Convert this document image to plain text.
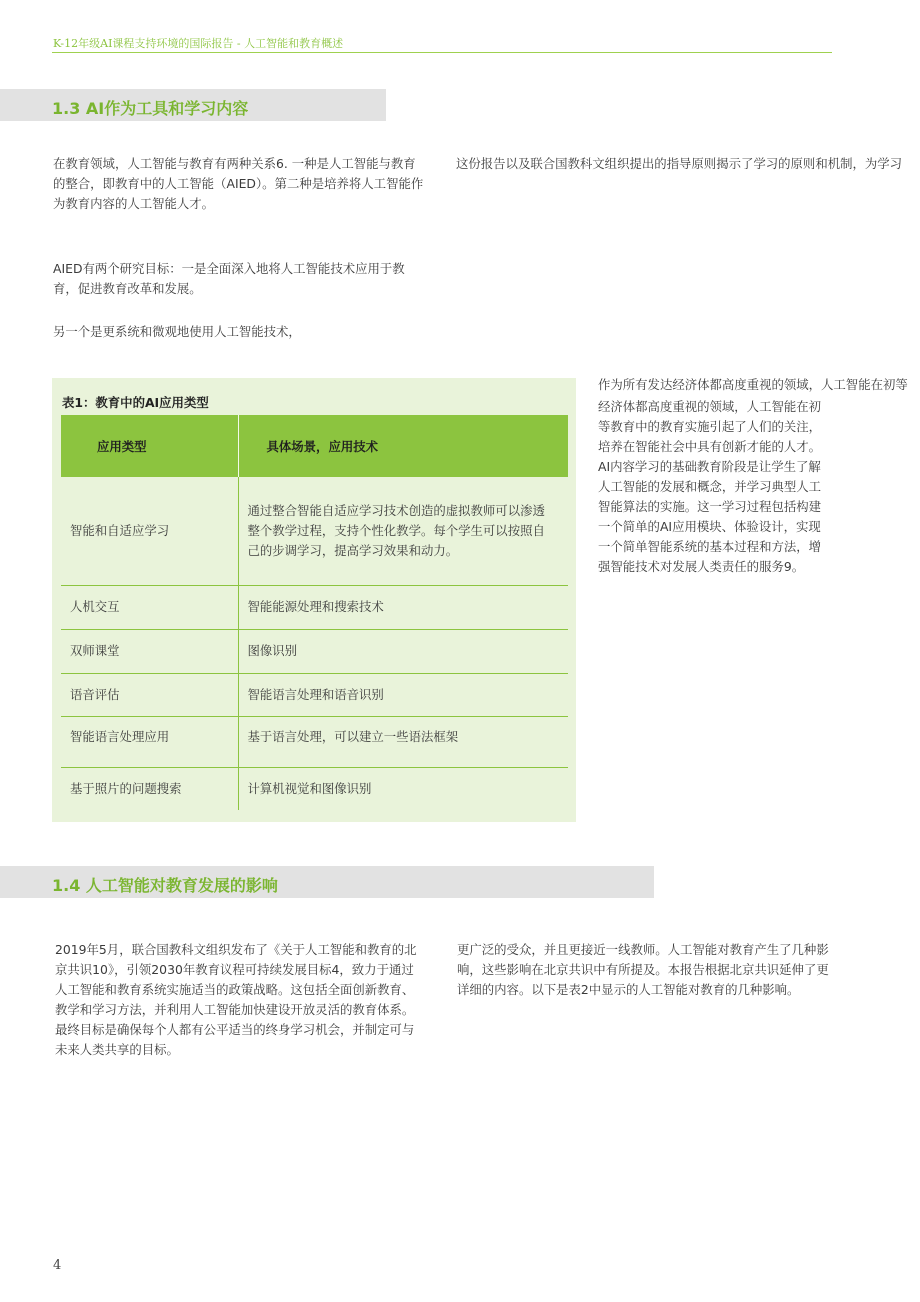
K-12年级AI课程支持环境的国际报告 - 人工智能和教育概述
1.3 AI作为工具和学习内容

在教育领域，人工智能与教育有两种关系6. 一种是人工智能与教育的整合，即教育中的人工智能（AIED）。第二种是培养将人工智能作为教育内容的人工智能人才。

AIED有两个研究目标：一是全面深入地将人工智能技术应用于教育，促进教育改革和发展。

另一个是更系统和微观地使用人工智能技术，

这份报告以及联合国教科文组织提出的指导原则揭示了学习的原则和机制，为学习

作为所有发达经济体都高度重视的领域，人工智能在初等

经济体都高度重视的领域，人工智能在初等教育中的教育实施引起了人们的关注，培养在智能社会中具有创新才能的人才。AI内容学习的基础教育阶段是让学生了解人工智能的发展和概念，并学习典型人工智能算法的实施。这一学习过程包括构建一个简单的AI应用模块、体验设计，实现一个简单智能系统的基本过程和方法，增强智能技术对发展人类责任的服务9。

表1：教育中的AI应用类型
应用类型	具体场景，应用技术
智能和自适应学习	通过整合智能自适应学习技术创造的虚拟教师可以渗透整个教学过程，支持个性化教学。每个学生可以按照自己的步调学习，提高学习效果和动力。
人机交互	智能能源处理和搜索技术
双师课堂	图像识别
语音评估	智能语言处理和语音识别
智能语言处理应用	基于语言处理，可以建立一些语法框架
基于照片的问题搜索	计算机视觉和图像识别
1.4 人工智能对教育发展的影响

2019年5月，联合国教科文组织发布了《关于人工智能和教育的北京共识10》，引领2030年教育议程可持续发展目标4，致力于通过人工智能和教育系统实施适当的政策战略。这包括全面创新教育、教学和学习方法，并利用人工智能加快建设开放灵活的教育体系。最终目标是确保每个人都有公平适当的终身学习机会，并制定可与未来人类共享的目标。

更广泛的受众，并且更接近一线教师。人工智能对教育产生了几种影响，这些影响在北京共识中有所提及。本报告根据北京共识延伸了更详细的内容。以下是表2中显示的人工智能对教育的几种影响。

4
